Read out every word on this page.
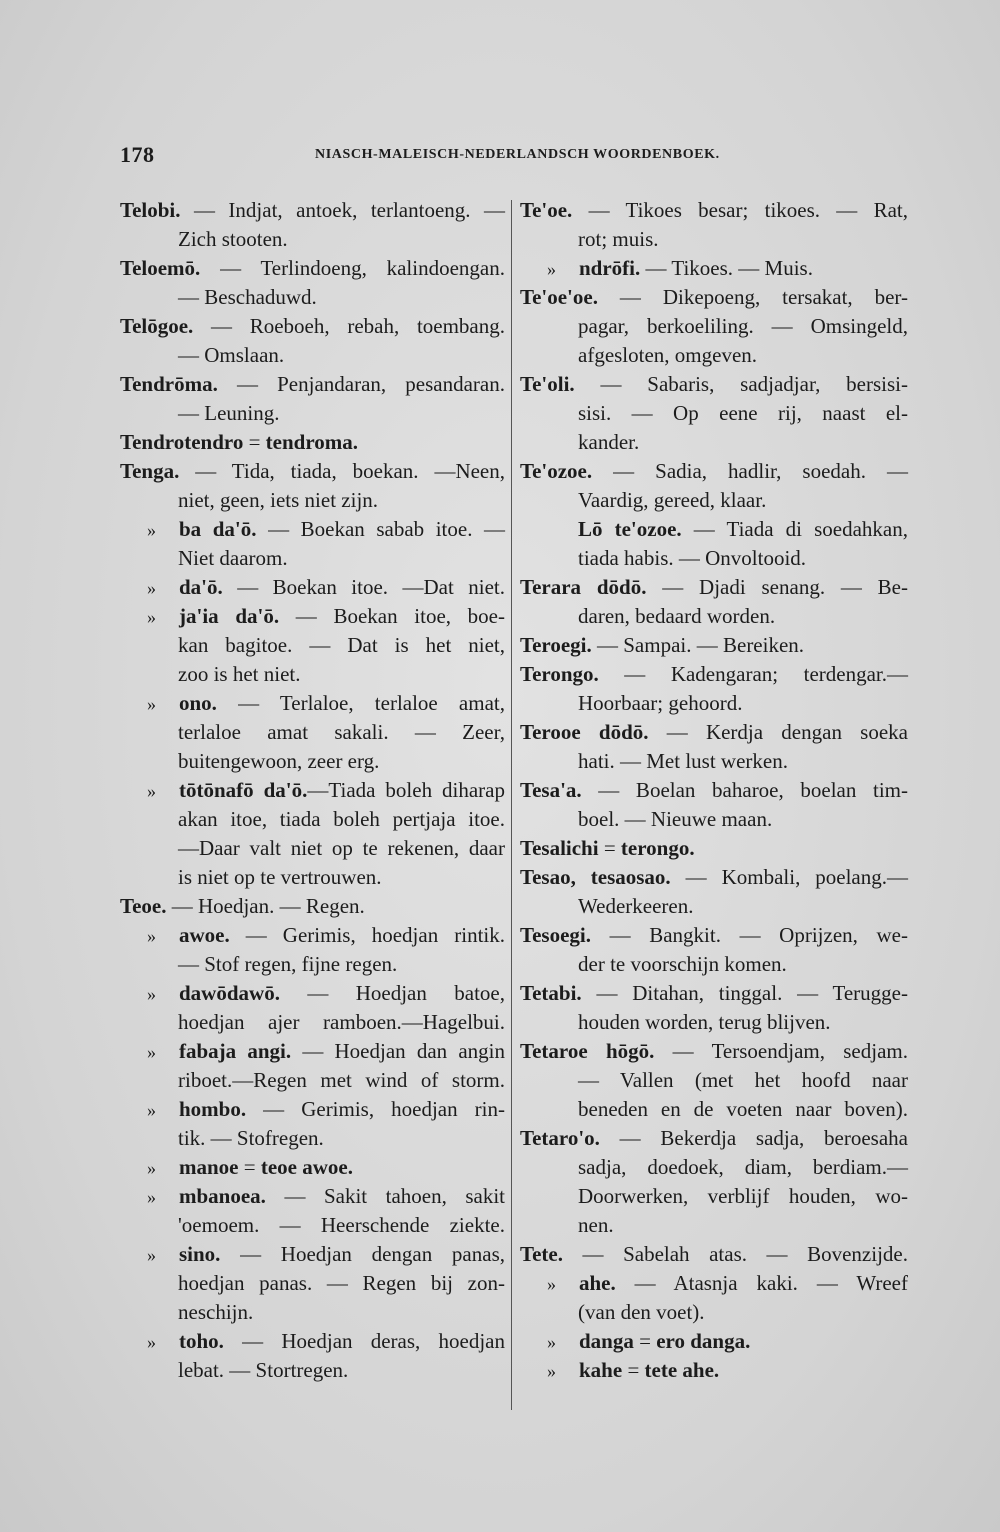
178	NIASCH-MALEISCH-NEDERLANDSCH WOORDENBOEK.
Telobi. — Indjat, antoek, terlantoeng. —
Zich stooten.
Teloemō. — Terlindoeng, kalindoengan.
— Beschaduwd.
Telōgoe. — Roeboeh, rebah, toembang.
— Omslaan.
Tendrōma. — Penjandaran, pesandaran.
— Leuning.
Tendrotendro = tendroma.
Tenga. — Tida, tiada, boekan. —Neen,
niet, geen, iets niet zijn.
» ba da'ō. — Boekan sabab itoe. —
Niet daarom.
» da'ō. — Boekan itoe. —Dat niet.
» ja'ia da'ō. — Boekan itoe, boe-
kan bagitoe. — Dat is het niet,
zoo is het niet.
» ono. — Terlaloe, terlaloe amat,
terlaloe amat sakali. — Zeer,
buitengewoon, zeer erg.
» tōtōnafō da'ō.—Tiada boleh diharap
akan itoe, tiada boleh pertjaja itoe.
—Daar valt niet op te rekenen, daar
is niet op te vertrouwen.
Teoe. — Hoedjan. — Regen.
» awoe. — Gerimis, hoedjan rintik.
— Stof regen, fijne regen.
» dawōdawō. — Hoedjan batoe,
hoedjan ajer ramboen.—Hagelbui.
» fabaja angi. — Hoedjan dan angin
riboet.—Regen met wind of storm.
» hombo. — Gerimis, hoedjan rin-
tik. — Stofregen.
» manoe = teoe awoe.
» mbanoea. — Sakit tahoen, sakit
'oemoem. — Heerschende ziekte.
» sino. — Hoedjan dengan panas,
hoedjan panas. — Regen bij zon-
neschijn.
» toho. — Hoedjan deras, hoedjan
lebat. — Stortregen.
Te'oe. — Tikoes besar; tikoes. — Rat,
rot; muis.
» ndrōfi. — Tikoes. — Muis.
Te'oe'oe. — Dikepoeng, tersakat, ber-
pagar, berkoeliling. — Omsingeld,
afgesloten, omgeven.
Te'oli. — Sabaris, sadjadjar, bersisi-
sisi. — Op eene rij, naast el-
kander.
Te'ozoe. — Sadia, hadlir, soedah. —
Vaardig, gereed, klaar.
Lō te'ozoe. — Tiada di soedahkan,
tiada habis. — Onvoltooid.
Terara dōdō. — Djadi senang. — Be-
daren, bedaard worden.
Teroegi. — Sampai. — Bereiken.
Terongo. — Kadengaran; terdengar.—
Hoorbaar; gehoord.
Terooe dōdō. — Kerdja dengan soeka
hati. — Met lust werken.
Tesa'a. — Boelan baharoe, boelan tim-
boel. — Nieuwe maan.
Tesalichi = terongo.
Tesao, tesaosao. — Kombali, poelang.—
Wederkeeren.
Tesoegi. — Bangkit. — Oprijzen, we-
der te voorschijn komen.
Tetabi. — Ditahan, tinggal. — Terugge-
houden worden, terug blijven.
Tetaroe hōgō. — Tersoendjam, sedjam.
— Vallen (met het hoofd naar
beneden en de voeten naar boven).
Tetaro'o. — Bekerdja sadja, beroesaha
sadja, doedoek, diam, berdiam.—
Doorwerken, verblijf houden, wo-
nen.
Tete. — Sabelah atas. — Bovenzijde.
» ahe. — Atasnja kaki. — Wreef
(van den voet).
» danga = ero danga.
» kahe = tete ahe.
